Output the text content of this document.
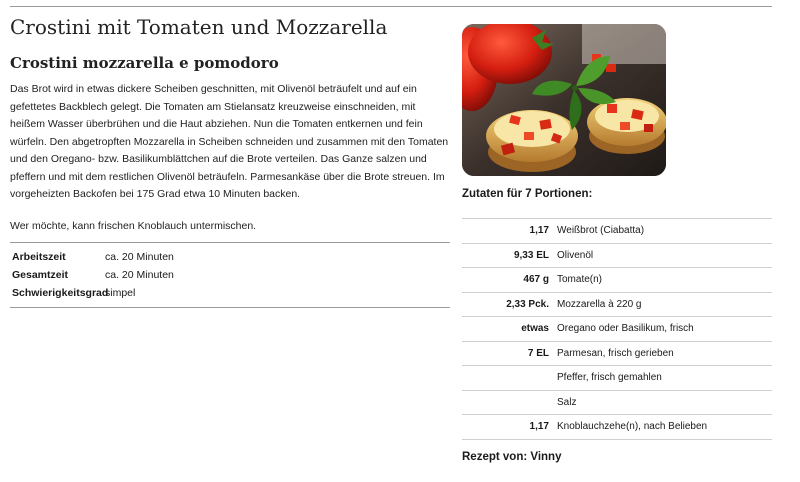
Crostini mit Tomaten und Mozzarella
Crostini mozzarella e pomodoro

Das Brot wird in etwas dickere Scheiben geschnitten, mit Olivenöl beträufelt und auf ein gefettetes Backblech gelegt. Die Tomaten am Stielansatz kreuzweise einschneiden, mit heißem Wasser überbrühen und die Haut abziehen. Nun die Tomaten entkernen und fein würfeln. Den abgetropften Mozzarella in Scheiben schneiden und zusammen mit den Tomaten und den Oregano- bzw. Basilikumblättchen auf die Brote verteilen. Das Ganze salzen und pfeffern und mit dem restlichen Olivenöl beträufeln. Parmesankäse über die Brote streuen. Im vorgeheizten Backofen bei 175 Grad etwa 10 Minuten backen.

Wer möchte, kann frischen Knoblauch untermischen.

Arbeitszeit	ca. 20 Minuten
Gesamtzeit	ca. 20 Minuten
Schwierigkeitsgrad
simpel
Zutaten für 7 Portionen:
1,17 Weißbrot (Ciabatta)
9,33 EL Olivenöl
467 g Tomate(n)
2,33 Pck. Mozzarella à 220 g
etwas Oregano oder Basilikum, frisch
7 EL Parmesan, frisch gerieben
Pfeffer, frisch gemahlen
Salz
1,17 Knoblauchzehe(n), nach Belieben
Rezept von: Vinny
